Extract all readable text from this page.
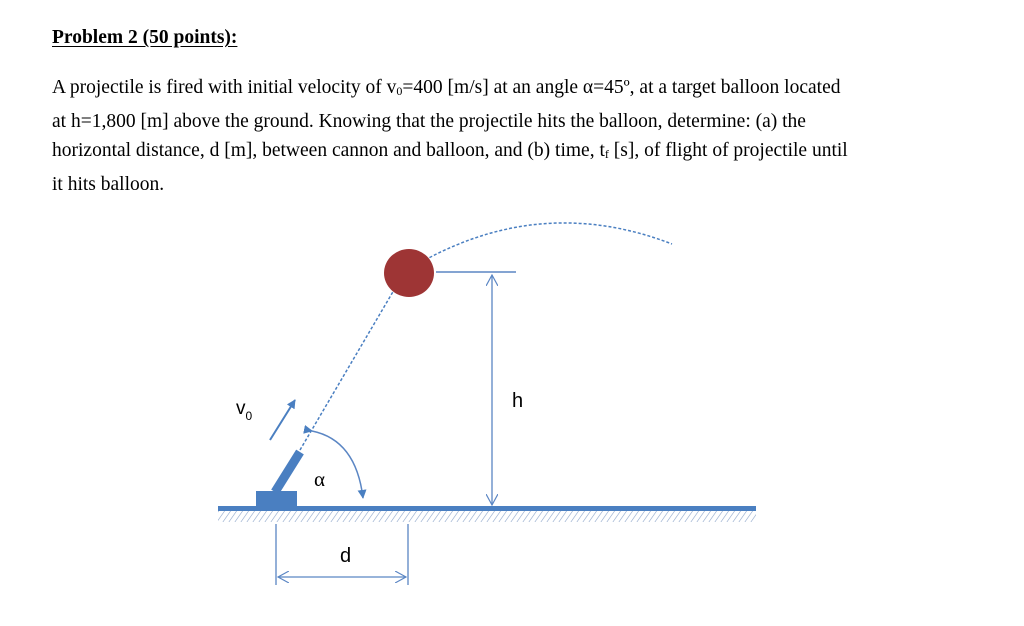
Problem 2 (50 points):
A projectile is fired with initial velocity of v0=400 [m/s] at an angle α=45º, at a target balloon located
at h=1,800 [m] above the ground. Knowing that the projectile hits the balloon, determine: (a) the
horizontal distance, d [m], between cannon and balloon, and (b) time, tf [s], of flight of projectile until
it hits balloon.
$v_0$
α
h
d
